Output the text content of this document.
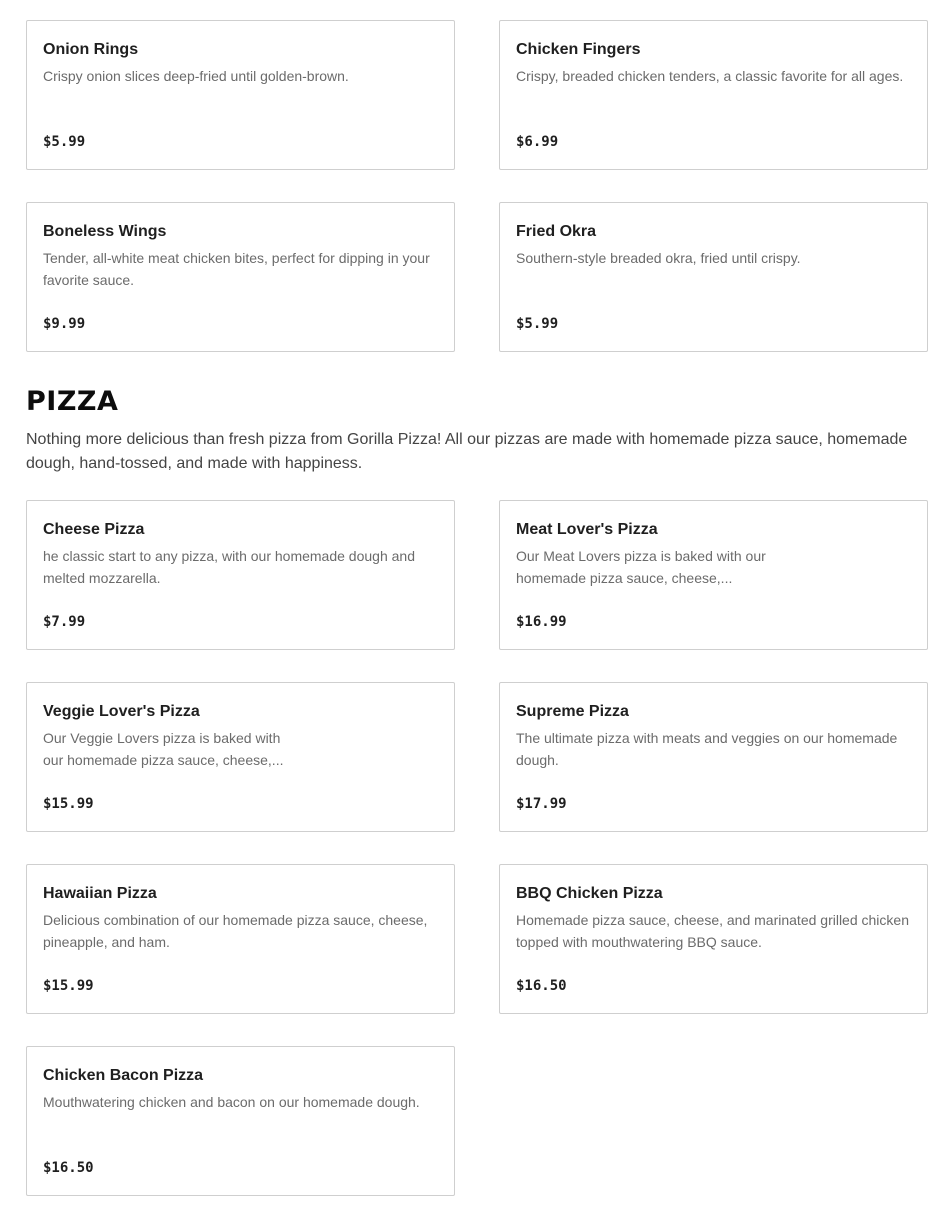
Onion Rings
Crispy onion slices deep-fried until golden-brown.
$5.99
Chicken Fingers
Crispy, breaded chicken tenders, a classic favorite for all ages.
$6.99
Boneless Wings
Tender, all-white meat chicken bites, perfect for dipping in your favorite sauce.
$9.99
Fried Okra
Southern-style breaded okra, fried until crispy.
$5.99
PIZZA
Nothing more delicious than fresh pizza from Gorilla Pizza! All our pizzas are made with homemade pizza sauce, homemade dough, hand-tossed, and made with happiness.
Cheese Pizza
he classic start to any pizza, with our homemade dough and melted mozzarella.
$7.99
Meat Lover's Pizza
Our Meat Lovers pizza is baked with our homemade pizza sauce, cheese,...
$16.99
Veggie Lover's Pizza
Our Veggie Lovers pizza is baked with our homemade pizza sauce, cheese,...
$15.99
Supreme Pizza
The ultimate pizza with meats and veggies on our homemade dough.
$17.99
Hawaiian Pizza
Delicious combination of our homemade pizza sauce, cheese, pineapple, and ham.
$15.99
BBQ Chicken Pizza
Homemade pizza sauce, cheese, and marinated grilled chicken topped with mouthwatering BBQ sauce.
$16.50
Chicken Bacon Pizza
Mouthwatering chicken and bacon on our homemade dough.
$16.50
